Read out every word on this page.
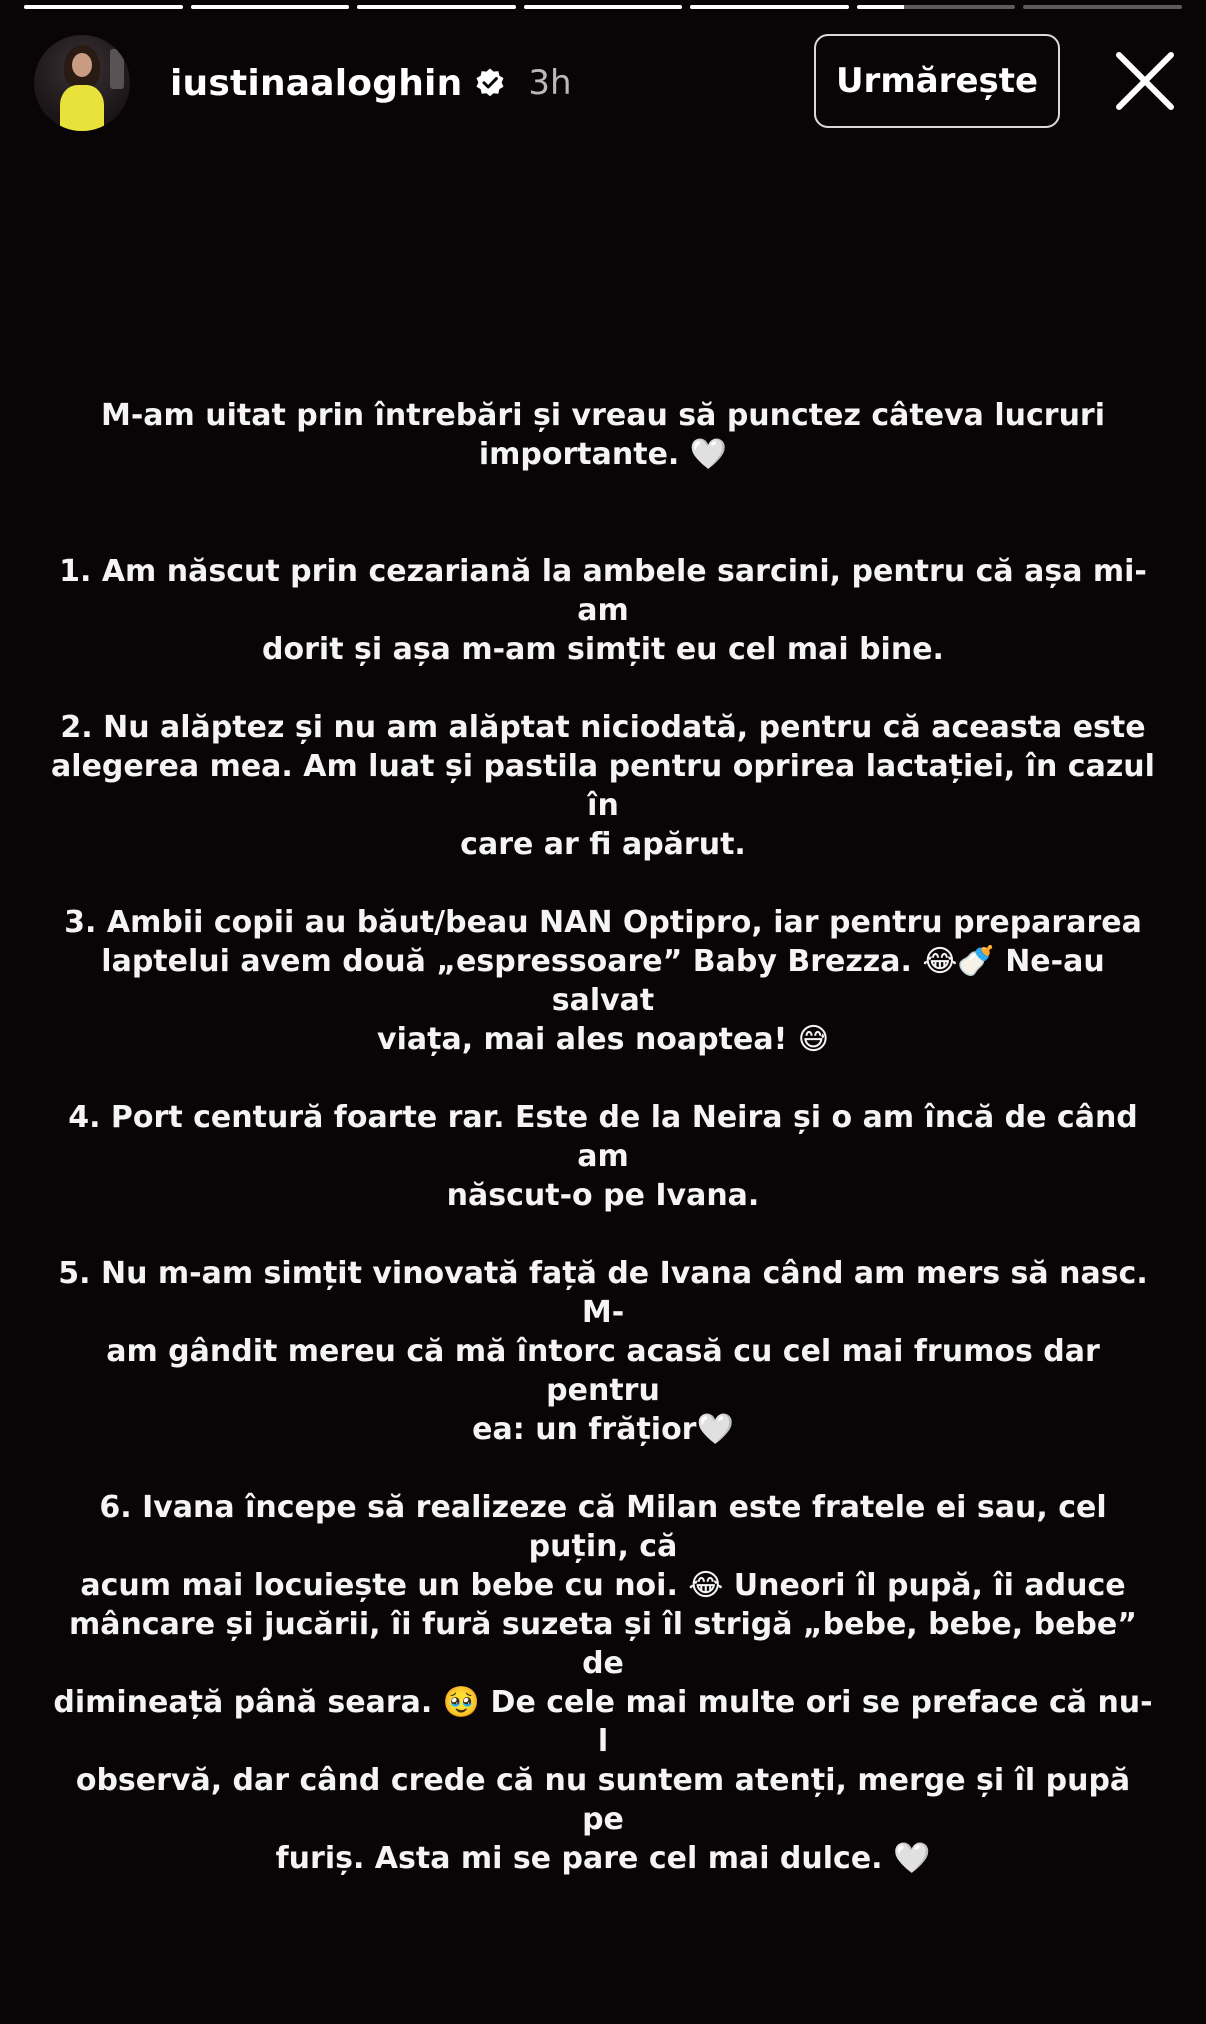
iustinaaloghin 3h	Urmărește

M-am uitat prin întrebări și vreau să punctez câteva lucruri
importante. 🤍

1. Am născut prin cezariană la ambele sarcini, pentru că așa mi-am
dorit și așa m-am simțit eu cel mai bine.

2. Nu alăptez și nu am alăptat niciodată, pentru că aceasta este
alegerea mea. Am luat și pastila pentru oprirea lactației, în cazul în
care ar fi apărut.

3. Ambii copii au băut/beau NAN Optipro, iar pentru prepararea
laptelui avem două „espressoare” Baby Brezza. 😂🍼 Ne-au salvat
viața, mai ales noaptea! 😅

4. Port centură foarte rar. Este de la Neira și o am încă de când am
născut-o pe Ivana.

5. Nu m-am simțit vinovată față de Ivana când am mers să nasc. M-
am gândit mereu că mă întorc acasă cu cel mai frumos dar pentru
ea: un frățior🤍

6. Ivana începe să realizeze că Milan este fratele ei sau, cel puțin, că
acum mai locuiește un bebe cu noi. 😂 Uneori îl pupă, îi aduce
mâncare și jucării, îi fură suzeta și îl strigă „bebe, bebe, bebe” de
dimineață până seara. 🥹 De cele mai multe ori se preface că nu-l
observă, dar când crede că nu suntem atenți, merge și îl pupă pe
furiș. Asta mi se pare cel mai dulce. 🤍
